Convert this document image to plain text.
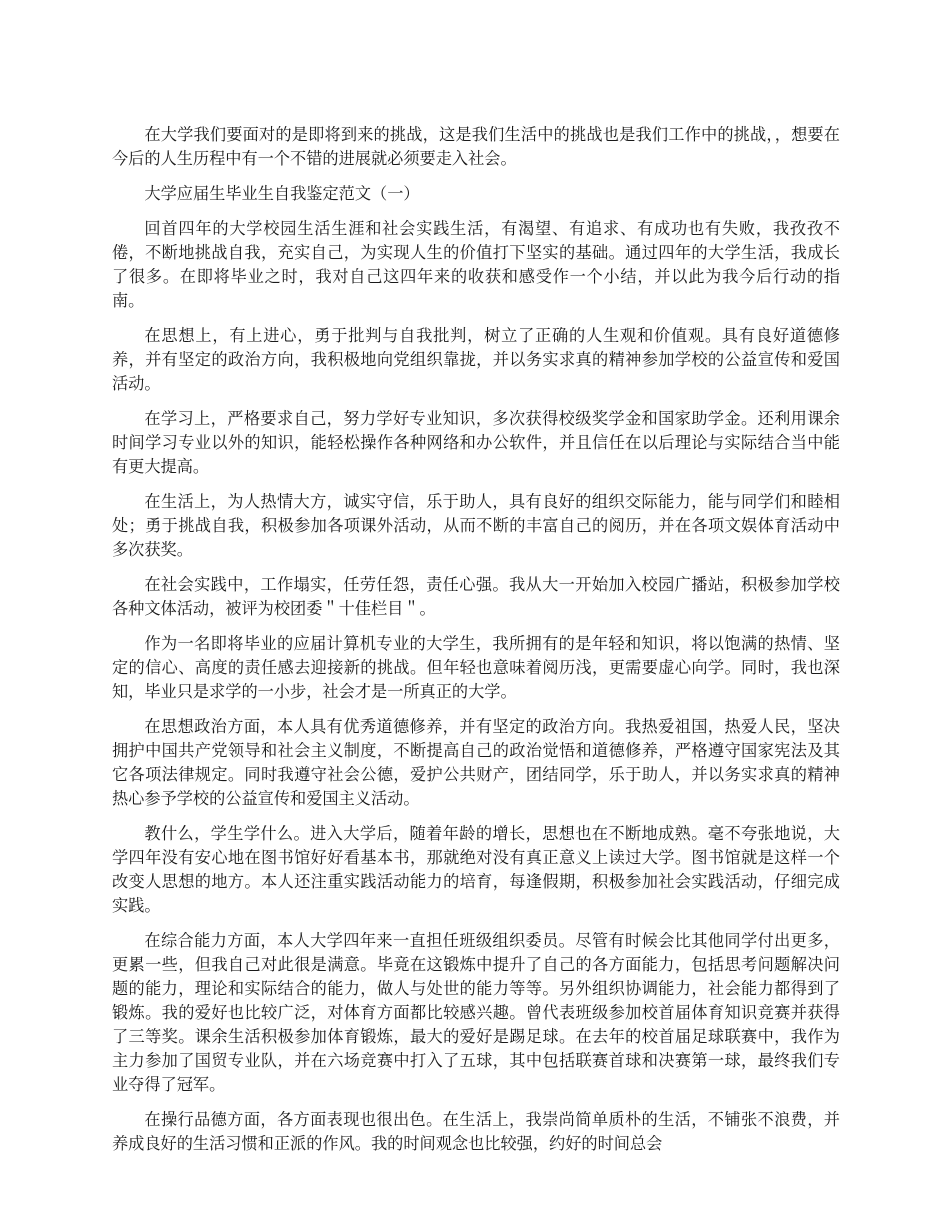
在大学我们要面对的是即将到来的挑战，这是我们生活中的挑战也是我们工作中的挑战，，想要在今后的人生历程中有一个不错的进展就必须要走入社会。

大学应届生毕业生自我鉴定范文（一）

回首四年的大学校园生活生涯和社会实践生活，有渴望、有追求、有成功也有失败，我孜孜不倦，不断地挑战自我，充实自己，为实现人生的价值打下坚实的基础。通过四年的大学生活，我成长了很多。在即将毕业之时，我对自己这四年来的收获和感受作一个小结，并以此为我今后行动的指南。

在思想上，有上进心，勇于批判与自我批判，树立了正确的人生观和价值观。具有良好道德修养，并有坚定的政治方向，我积极地向党组织靠拢，并以务实求真的精神参加学校的公益宣传和爱国活动。

在学习上，严格要求自己，努力学好专业知识，多次获得校级奖学金和国家助学金。还利用课余时间学习专业以外的知识，能轻松操作各种网络和办公软件，并且信任在以后理论与实际结合当中能有更大提高。

在生活上，为人热情大方，诚实守信，乐于助人，具有良好的组织交际能力，能与同学们和睦相处；勇于挑战自我，积极参加各项课外活动，从而不断的丰富自己的阅历，并在各项文娱体育活动中多次获奖。

在社会实践中，工作塌实，任劳任怨，责任心强。我从大一开始加入校园广播站，积极参加学校各种文体活动，被评为校团委＂十佳栏目＂。

作为一名即将毕业的应届计算机专业的大学生，我所拥有的是年轻和知识，将以饱满的热情、坚定的信心、高度的责任感去迎接新的挑战。但年轻也意味着阅历浅，更需要虚心向学。同时，我也深知，毕业只是求学的一小步，社会才是一所真正的大学。

在思想政治方面，本人具有优秀道德修养，并有坚定的政治方向。我热爱祖国，热爱人民，坚决拥护中国共产党领导和社会主义制度，不断提高自己的政治觉悟和道德修养，严格遵守国家宪法及其它各项法律规定。同时我遵守社会公德，爱护公共财产，团结同学，乐于助人，并以务实求真的精神热心参予学校的公益宣传和爱国主义活动。

教什么，学生学什么。进入大学后，随着年龄的增长，思想也在不断地成熟。毫不夸张地说，大学四年没有安心地在图书馆好好看基本书，那就绝对没有真正意义上读过大学。图书馆就是这样一个改变人思想的地方。本人还注重实践活动能力的培育，每逢假期，积极参加社会实践活动，仔细完成实践。

在综合能力方面，本人大学四年来一直担任班级组织委员。尽管有时候会比其他同学付出更多，更累一些，但我自己对此很是满意。毕竟在这锻炼中提升了自己的各方面能力，包括思考问题解决问题的能力，理论和实际结合的能力，做人与处世的能力等等。另外组织协调能力，社会能力都得到了锻炼。我的爱好也比较广泛，对体育方面都比较感兴趣。曾代表班级参加校首届体育知识竞赛并获得了三等奖。课余生活积极参加体育锻炼，最大的爱好是踢足球。在去年的校首届足球联赛中，我作为主力参加了国贸专业队，并在六场竞赛中打入了五球，其中包括联赛首球和决赛第一球，最终我们专业夺得了冠军。

在操行品德方面，各方面表现也很出色。在生活上，我崇尚简单质朴的生活，不铺张不浪费，并养成良好的生活习惯和正派的作风。我的时间观念也比较强，约好的时间总会
